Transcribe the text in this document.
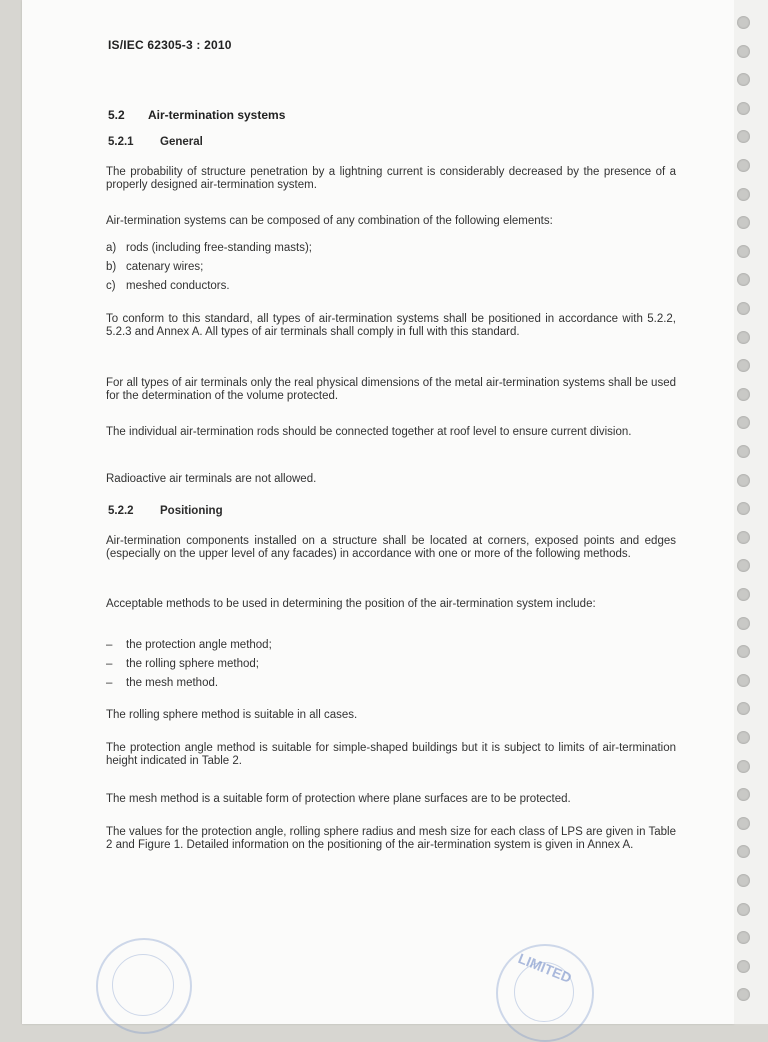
IS/IEC 62305-3 : 2010
5.2 Air-termination systems
5.2.1 General
The probability of structure penetration by a lightning current is considerably decreased by the presence of a properly designed air-termination system.
Air-termination systems can be composed of any combination of the following elements:
a) rods (including free-standing masts);
b) catenary wires;
c) meshed conductors.
To conform to this standard, all types of air-termination systems shall be positioned in accordance with 5.2.2, 5.2.3 and Annex A. All types of air terminals shall comply in full with this standard.
For all types of air terminals only the real physical dimensions of the metal air-termination systems shall be used for the determination of the volume protected.
The individual air-termination rods should be connected together at roof level to ensure current division.
Radioactive air terminals are not allowed.
5.2.2 Positioning
Air-termination components installed on a structure shall be located at corners, exposed points and edges (especially on the upper level of any facades) in accordance with one or more of the following methods.
Acceptable methods to be used in determining the position of the air-termination system include:
– the protection angle method;
– the rolling sphere method;
– the mesh method.
The rolling sphere method is suitable in all cases.
The protection angle method is suitable for simple-shaped buildings but it is subject to limits of air-termination height indicated in Table 2.
The mesh method is a suitable form of protection where plane surfaces are to be protected.
The values for the protection angle, rolling sphere radius and mesh size for each class of LPS are given in Table 2 and Figure 1. Detailed information on the positioning of the air-termination system is given in Annex A.
LIMITED
